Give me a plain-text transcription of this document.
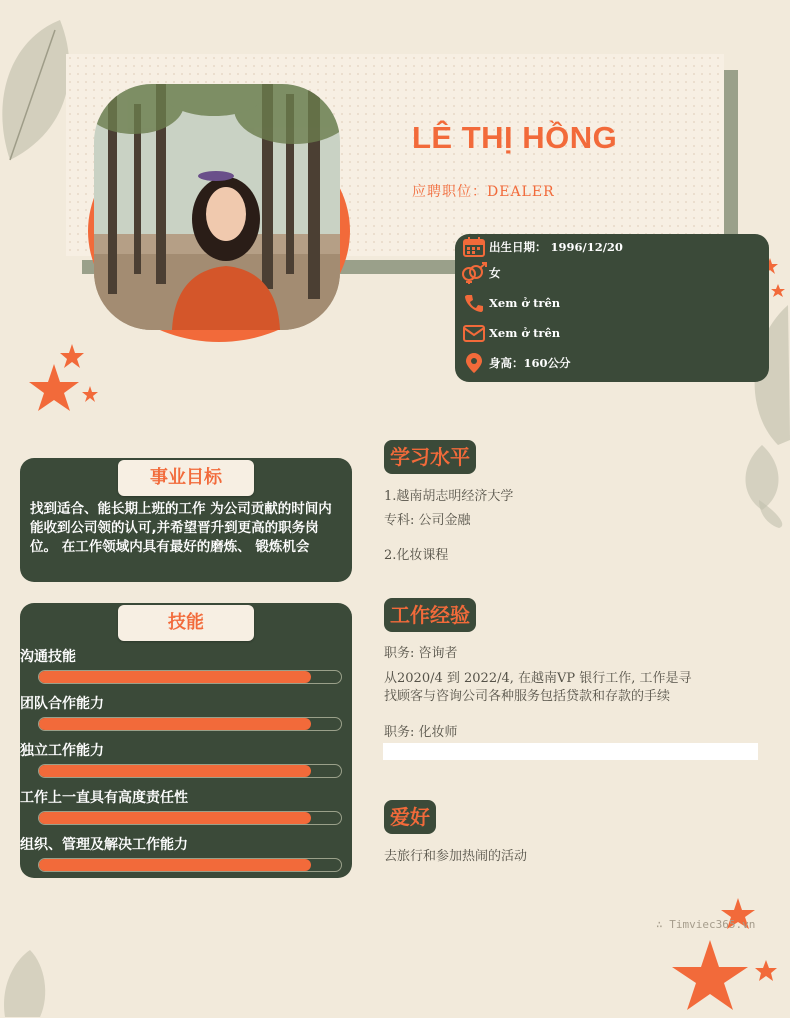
LÊ THỊ HỒNG
应聘职位：DEALER
出生日期： 1996/12/20
女
Xem ở trên
Xem ở trên
身高：160公分
事业目标
找到适合、能长期上班的工作 为公司贡献的时间内能收到公司领的认可,并希望晋升到更高的职务岗位。 在工作领域内具有最好的磨炼、 锻炼机会
技能
沟通技能
团队合作能力
独立工作能力
工作上一直具有高度责任性
组织、管理及解决工作能力
学习水平
1.越南胡志明经济大学
专科: 公司金融
2.化妆课程
工作经验
职务: 咨询者
从2020/4 到 2022/4, 在越南VP 银行工作, 工作是寻
找顾客与咨询公司各种服务包括贷款和存款的手续
职务: 化妆师
爱好
去旅行和参加热闹的活动
∴ Timviec365.vn
